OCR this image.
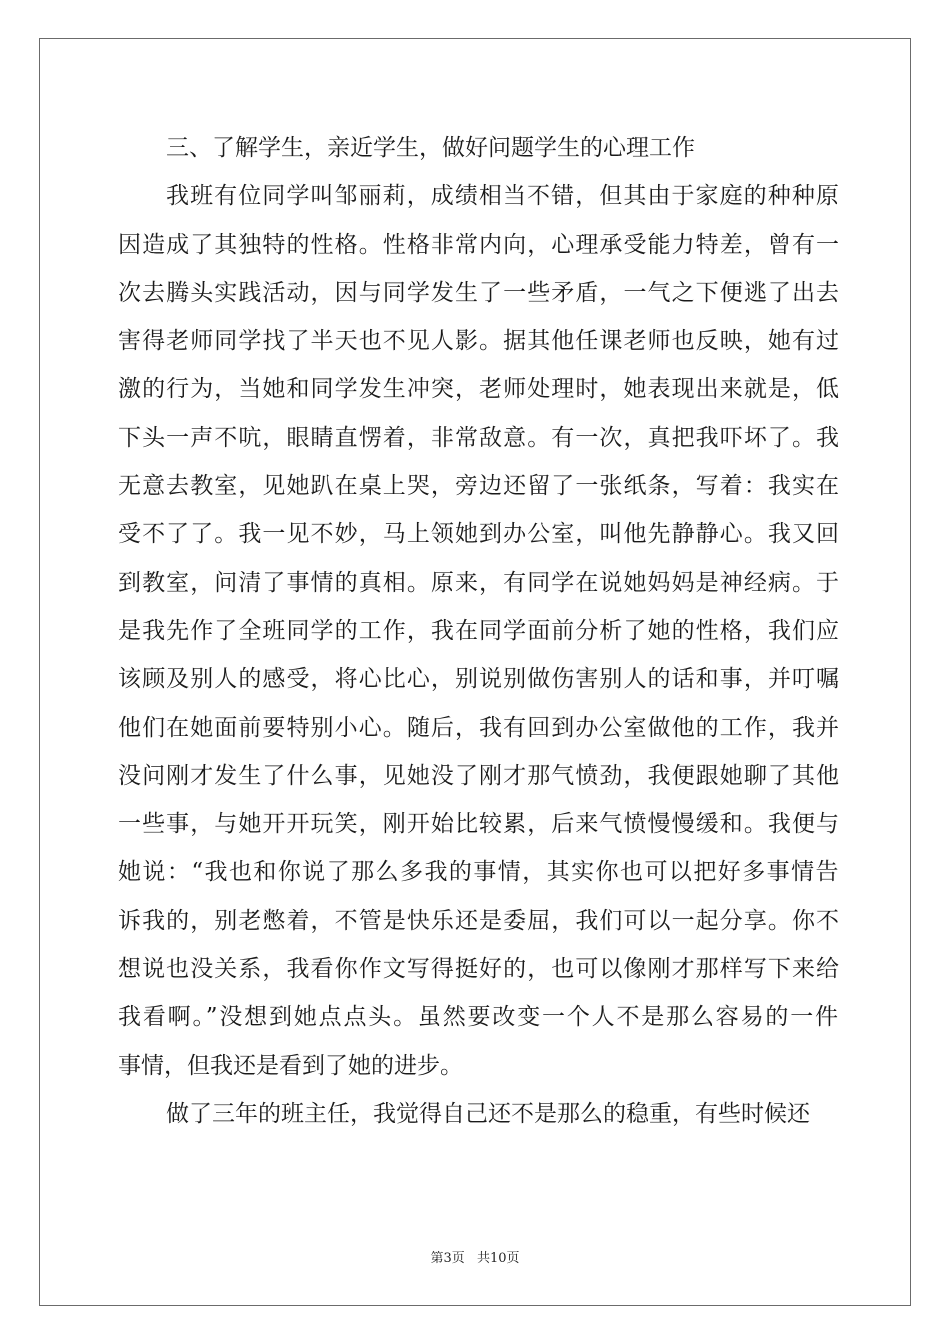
三、了解学生，亲近学生，做好问题学生的心理工作

我班有位同学叫邹丽莉，成绩相当不错，但其由于家庭的种种原

因造成了其独特的性格。性格非常内向，心理承受能力特差，曾有一

次去腾头实践活动，因与同学发生了一些矛盾，一气之下便逃了出去

害得老师同学找了半天也不见人影。据其他任课老师也反映，她有过

激的行为，当她和同学发生冲突，老师处理时，她表现出来就是，低

下头一声不吭，眼睛直愣着，非常敌意。有一次，真把我吓坏了。我

无意去教室，见她趴在桌上哭，旁边还留了一张纸条，写着：我实在

受不了了。我一见不妙，马上领她到办公室，叫他先静静心。我又回

到教室，问清了事情的真相。原来，有同学在说她妈妈是神经病。于

是我先作了全班同学的工作，我在同学面前分析了她的性格，我们应

该顾及别人的感受，将心比心，别说别做伤害别人的话和事，并叮嘱

他们在她面前要特别小心。随后，我有回到办公室做他的工作，我并

没问刚才发生了什么事，见她没了刚才那气愤劲，我便跟她聊了其他

一些事，与她开开玩笑，刚开始比较累，后来气愤慢慢缓和。我便与

她说：“我也和你说了那么多我的事情，其实你也可以把好多事情告

诉我的，别老憋着，不管是快乐还是委屈，我们可以一起分享。你不

想说也没关系，我看你作文写得挺好的，也可以像刚才那样写下来给

我看啊。”没想到她点点头。虽然要改变一个人不是那么容易的一件

事情，但我还是看到了她的进步。

做了三年的班主任，我觉得自己还不是那么的稳重，有些时候还

第3页 共10页
